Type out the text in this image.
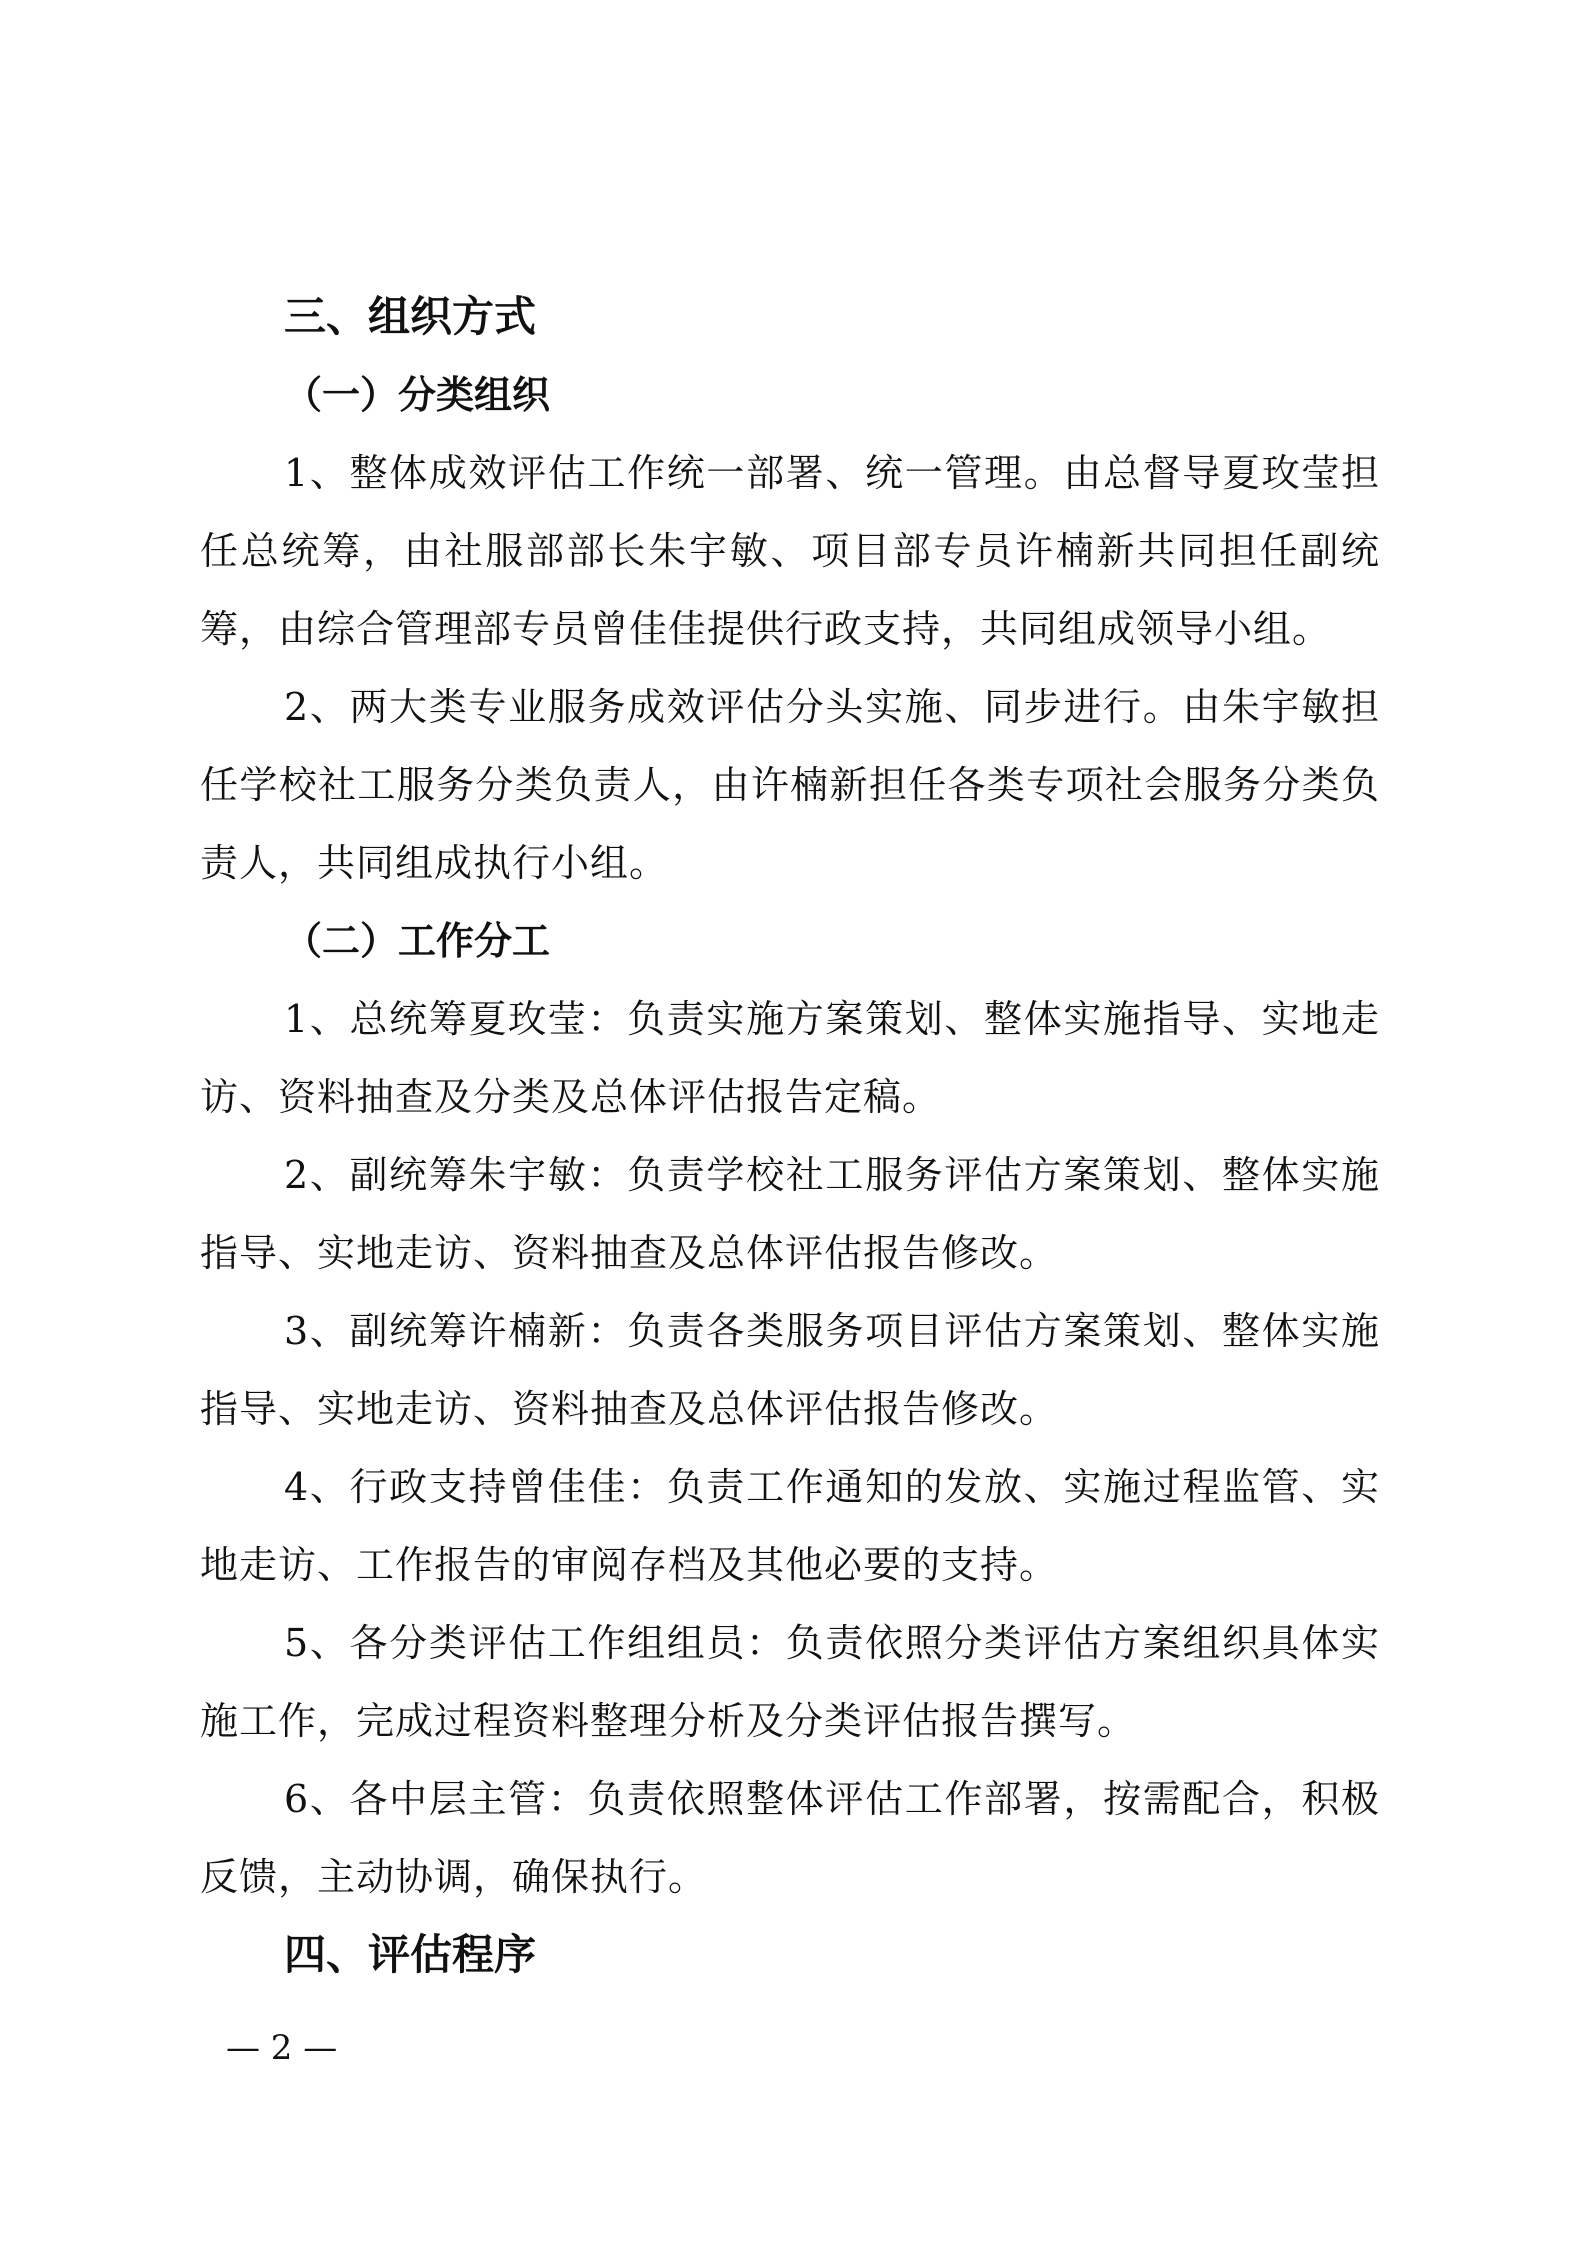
三、组织方式
（一）分类组织

1、整体成效评估工作统一部署、统一管理。由总督导夏玫莹担任总统筹，由社服部部长朱宇敏、项目部专员许楠新共同担任副统筹，由综合管理部专员曾佳佳提供行政支持，共同组成领导小组。

2、两大类专业服务成效评估分头实施、同步进行。由朱宇敏担任学校社工服务分类负责人，由许楠新担任各类专项社会服务分类负责人，共同组成执行小组。

（二）工作分工

1、总统筹夏玫莹：负责实施方案策划、整体实施指导、实地走访、资料抽查及分类及总体评估报告定稿。

2、副统筹朱宇敏：负责学校社工服务评估方案策划、整体实施指导、实地走访、资料抽查及总体评估报告修改。

3、副统筹许楠新：负责各类服务项目评估方案策划、整体实施指导、实地走访、资料抽查及总体评估报告修改。

4、行政支持曾佳佳：负责工作通知的发放、实施过程监管、实地走访、工作报告的审阅存档及其他必要的支持。

5、各分类评估工作组组员：负责依照分类评估方案组织具体实施工作，完成过程资料整理分析及分类评估报告撰写。

6、各中层主管：负责依照整体评估工作部署，按需配合，积极反馈，主动协调，确保执行。

四、评估程序
— 2 —
